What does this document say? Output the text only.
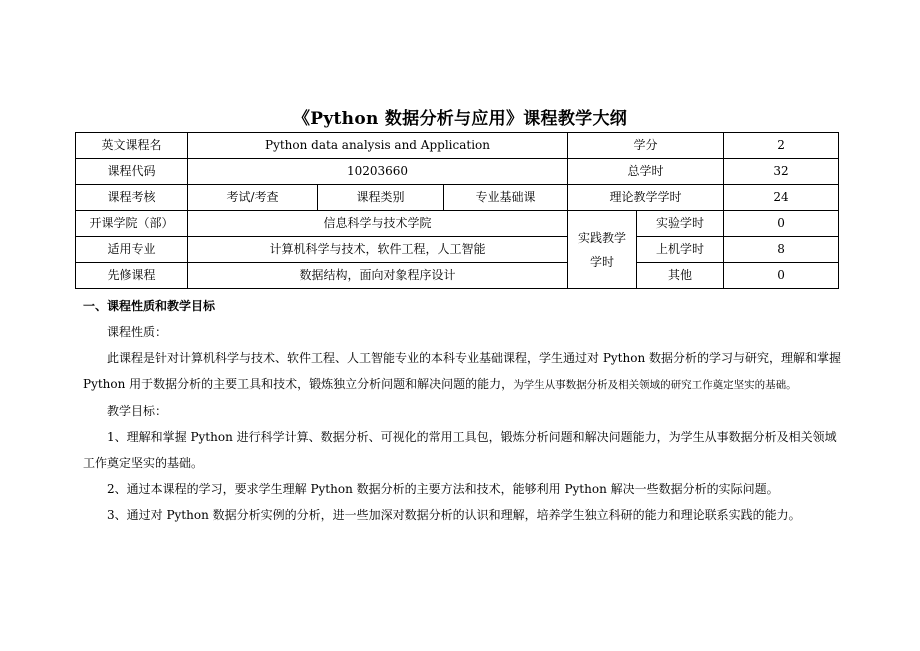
《Python 数据分析与应用》课程教学大纲
英文课程名	Python data analysis and Application			学分		2
课程代码	10203660			总学时		32
课程考核	考试/考查	课程类别	专业基础课	理论教学学时		24
开课学院（部）	信息科学与技术学院			实践教学学时	实验学时	0
适用专业	计算机科学与技术，软件工程，人工智能				上机学时	8
先修课程	数据结构，面向对象程序设计				其他	0

一、课程性质和教学目标

课程性质：

此课程是针对计算机科学与技术、软件工程、人工智能专业的本科专业基础课程，学生通过对 Python 数据分析的学习与研究，理解和掌握 Python 用于数据分析的主要工具和技术，锻炼独立分析问题和解决问题的能力，为学生从事数据分析及相关领域的研究工作奠定坚实的基础。

教学目标：

1、理解和掌握 Python 进行科学计算、数据分析、可视化的常用工具包，锻炼分析问题和解决问题能力，为学生从事数据分析及相关领域工作奠定坚实的基础。

2、通过本课程的学习，要求学生理解 Python 数据分析的主要方法和技术，能够利用 Python 解决一些数据分析的实际问题。

3、通过对 Python 数据分析实例的分析，进一些加深对数据分析的认识和理解，培养学生独立科研的能力和理论联系实践的能力。
